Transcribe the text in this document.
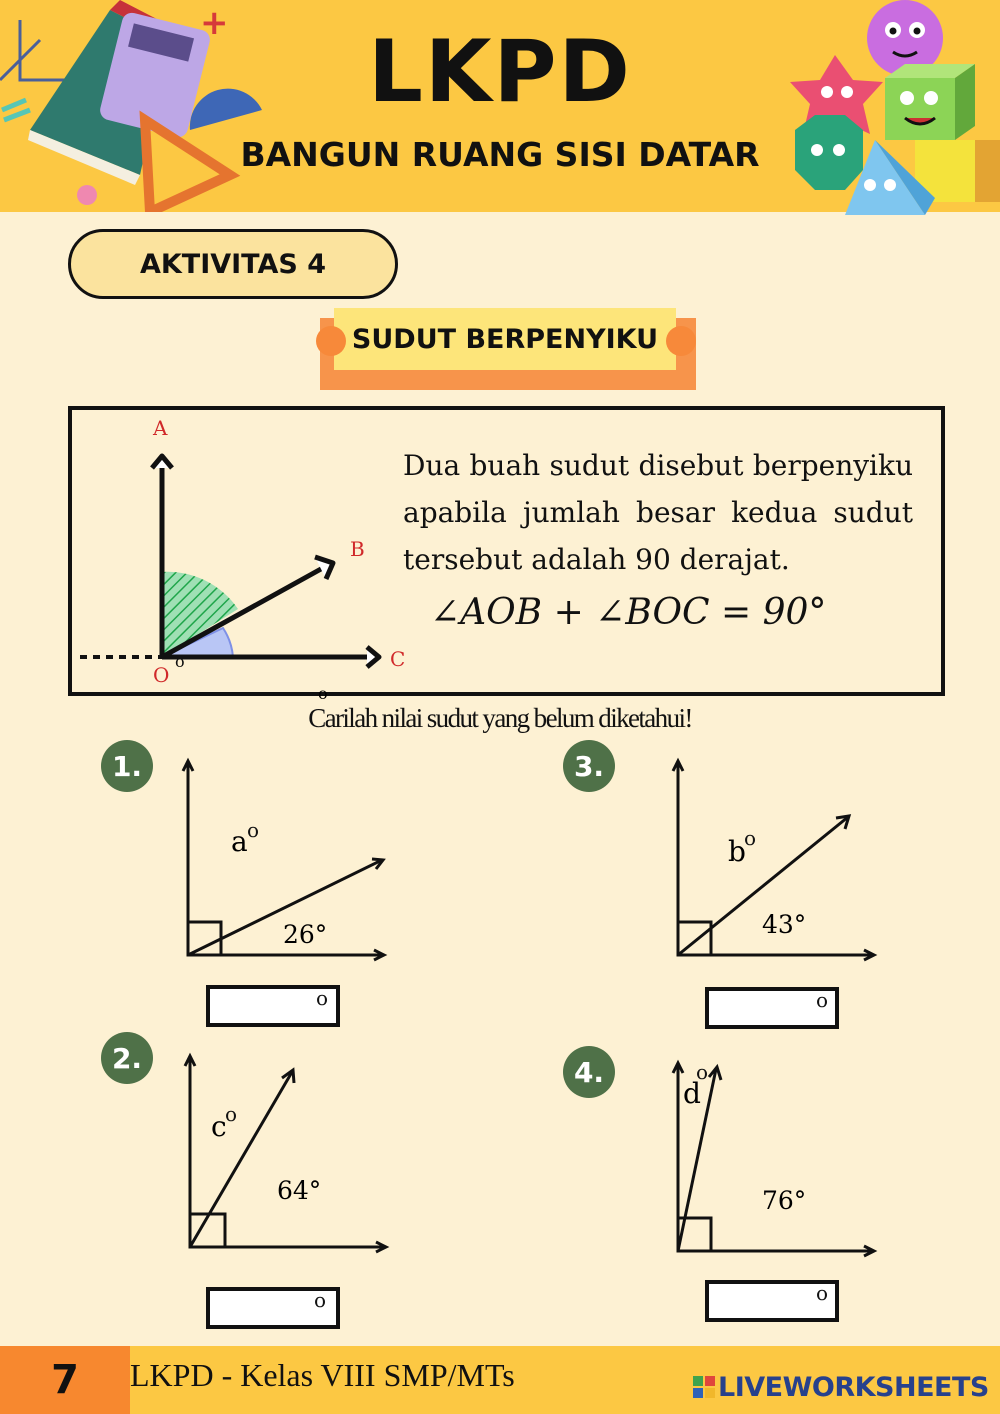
+	LKPD
BANGUN RUANG SISI DATAR
AKTIVITAS 4
SUDUT BERPENYIKU
A
B
C
O
o
Dua buah sudut disebut berpenyiku apabila jumlah besar kedua sudut tersebut adalah 90 derajat.
∠AOB + ∠BOC = 90°
o
Carilah nilai sudut yang belum diketahui!
1.
a o
26°
o
3.
b
o
43°
o
2.
c
o
64°
o
4.
d
o
76°
o
7	LKPD - Kelas VIII SMP/MTs	LIVEWORKSHEETS
